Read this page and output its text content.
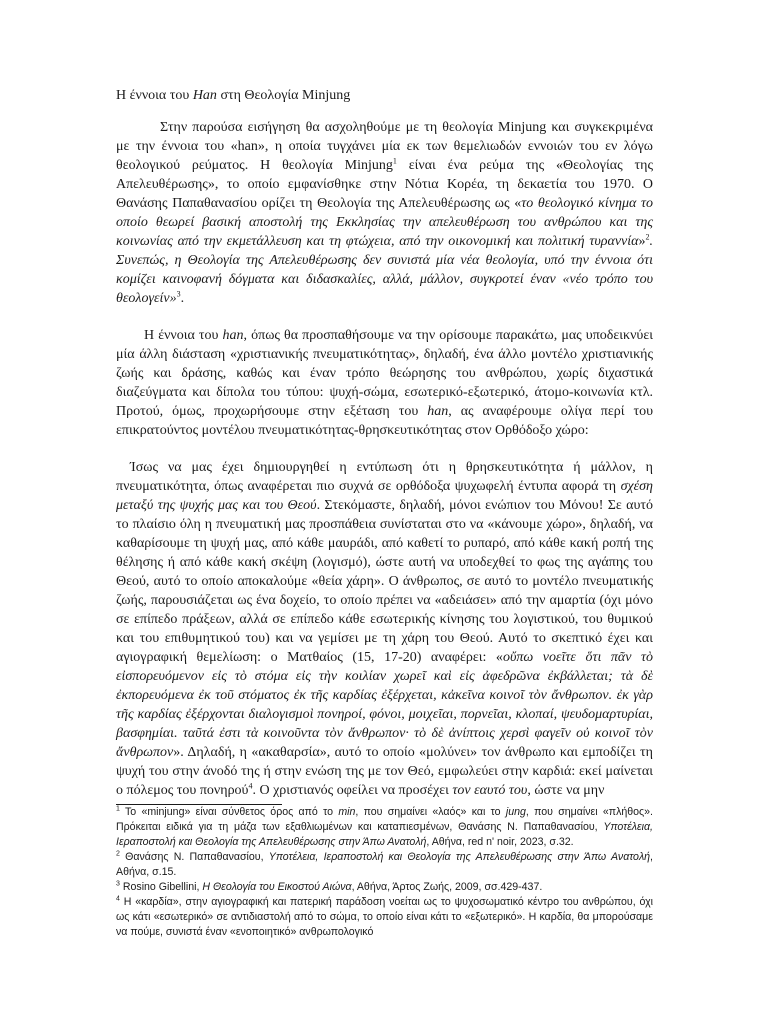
Η έννοια του Han στη Θεολογία Minjung

Στην παρούσα εισήγηση θα ασχοληθούμε με τη θεολογία Minjung και συγκεκριμένα με την έννοια του «han», η οποία τυγχάνει μία εκ των θεμελιωδών εννοιών του εν λόγω θεολογικού ρεύματος. Η θεολογία Minjung$^1$ είναι ένα ρεύμα της «Θεολογίας της Απελευθέρωσης», το οποίο εμφανίσθηκε στην Νότια Κορέα, τη δεκαετία του 1970. Ο Θανάσης Παπαθανασίου ορίζει τη Θεολογία της Απελευθέρωσης ως «το θεολογικό κίνημα το οποίο θεωρεί βασική αποστολή της Εκκλησίας την απελευθέρωση του ανθρώπου και της κοινωνίας από την εκμετάλλευση και τη φτώχεια, από την οικονομική και πολιτική τυραννία»$^2$. Συνεπώς, η Θεολογία της Απελευθέρωσης δεν συνιστά μία νέα θεολογία, υπό την έννοια ότι κομίζει καινοφανή δόγματα και διδασκαλίες, αλλά, μάλλον, συγκροτεί έναν «νέο τρόπο του θεολογείν»$^3$.

Η έννοια του han, όπως θα προσπαθήσουμε να την ορίσουμε παρακάτω, μας υποδεικνύει μία άλλη διάσταση «χριστιανικής πνευματικότητας», δηλαδή, ένα άλλο μοντέλο χριστιανικής ζωής και δράσης, καθώς και έναν τρόπο θεώρησης του ανθρώπου, χωρίς διχαστικά διαζεύγματα και δίπολα του τύπου: ψυχή-σώμα, εσωτερικό-εξωτερικό, άτομο-κοινωνία κτλ. Προτού, όμως, προχωρήσουμε στην εξέταση του han, ας αναφέρουμε ολίγα περί του επικρατούντος μοντέλου πνευματικότητας-θρησκευτικότητας στον Ορθόδοξο χώρο:

Ίσως να μας έχει δημιουργηθεί η εντύπωση ότι η θρησκευτικότητα ή μάλλον, η πνευματικότητα, όπως αναφέρεται πιο συχνά σε ορθόδοξα ψυχωφελή έντυπα αφορά τη σχέση μεταξύ της ψυχής μας και του Θεού. Στεκόμαστε, δηλαδή, μόνοι ενώπιον του Μόνου! Σε αυτό το πλαίσιο όλη η πνευματική μας προσπάθεια συνίσταται στο να «κάνουμε χώρο», δηλαδή, να καθαρίσουμε τη ψυχή μας, από κάθε μαυράδι, από καθετί το ρυπαρό, από κάθε κακή ροπή της θέλησης ή από κάθε κακή σκέψη (λογισμό), ώστε αυτή να υποδεχθεί το φως της αγάπης του Θεού, αυτό το οποίο αποκαλούμε «θεία χάρη». Ο άνθρωπος, σε αυτό το μοντέλο πνευματικής ζωής, παρουσιάζεται ως ένα δοχείο, το οποίο πρέπει να «αδειάσει» από την αμαρτία (όχι μόνο σε επίπεδο πράξεων, αλλά σε επίπεδο κάθε εσωτερικής κίνησης του λογιστικού, του θυμικού και του επιθυμητικού του) και να γεμίσει με τη χάρη του Θεού. Αυτό το σκεπτικό έχει και αγιογραφική θεμελίωση: ο Ματθαίος (15, 17-20) αναφέρει: «οὔπω νοεῖτε ὅτι πᾶν τὸ εἰσπορευόμενον εἰς τὸ στόμα εἰς τὴν κοιλίαν χωρεῖ καὶ εἰς ἀφεδρῶνα ἐκβάλλεται; τὰ δὲ ἐκπορευόμενα ἐκ τοῦ στόματος ἐκ τῆς καρδίας ἐξέρχεται, κἀκεῖνα κοινοῖ τὸν ἄνθρωπον. ἐκ γὰρ τῆς καρδίας ἐξέρχονται διαλογισμοὶ πονηροί, φόνοι, μοιχεῖαι, πορνεῖαι, κλοπαί, ψευδομαρτυρίαι, βασφημίαι. ταῦτά ἐστι τὰ κοινοῦντα τὸν ἄνθρωπον· τὸ δὲ ἀνίπτοις χερσὶ φαγεῖν οὐ κοινοῖ τὸν ἄνθρωπον». Δηλαδή, η «ακαθαρσία», αυτό το οποίο «μολύνει» τον άνθρωπο και εμποδίζει τη ψυχή του στην άνοδό της ή στην ενώση της με τον Θεό, εμφωλεύει στην καρδιά: εκεί μαίνεται ο πόλεμος του πονηρού$^4$. Ο χριστιανός οφείλει να προσέχει τον εαυτό του, ώστε να μην

$^1$ Το «minjung» είναι σύνθετος όρος από το min, που σημαίνει «λαός» και το jung, που σημαίνει «πλήθος». Πρόκειται ειδικά για τη μάζα των εξαθλιωμένων και καταπιεσμένων, Θανάσης Ν. Παπαθανασίου, Υποτέλεια, Ιεραποστολή και Θεολογία της Απελευθέρωσης στην Άπω Ανατολή, Αθήνα, red n' noir, 2023, σ.32.

$^2$ Θανάσης Ν. Παπαθανασίου, Υποτέλεια, Ιεραποστολή και Θεολογία της Απελευθέρωσης στην Άπω Ανατολή, Αθήνα, σ.15.

$^3$ Rosino Gibellini, Η Θεολογία του Εικοστού Αιώνα, Αθήνα, Άρτος Ζωής, 2009, σσ.429-437.

$^4$ Η «καρδία», στην αγιογραφική και πατερική παράδοση νοείται ως το ψυχοσωματικό κέντρο του ανθρώπου, όχι ως κάτι «εσωτερικό» σε αντιδιαστολή από το σώμα, το οποίο είναι κάτι το «εξωτερικό». Η καρδία, θα μπορούσαμε να πούμε, συνιστά έναν «ενοποιητικό» ανθρωπολογικό
